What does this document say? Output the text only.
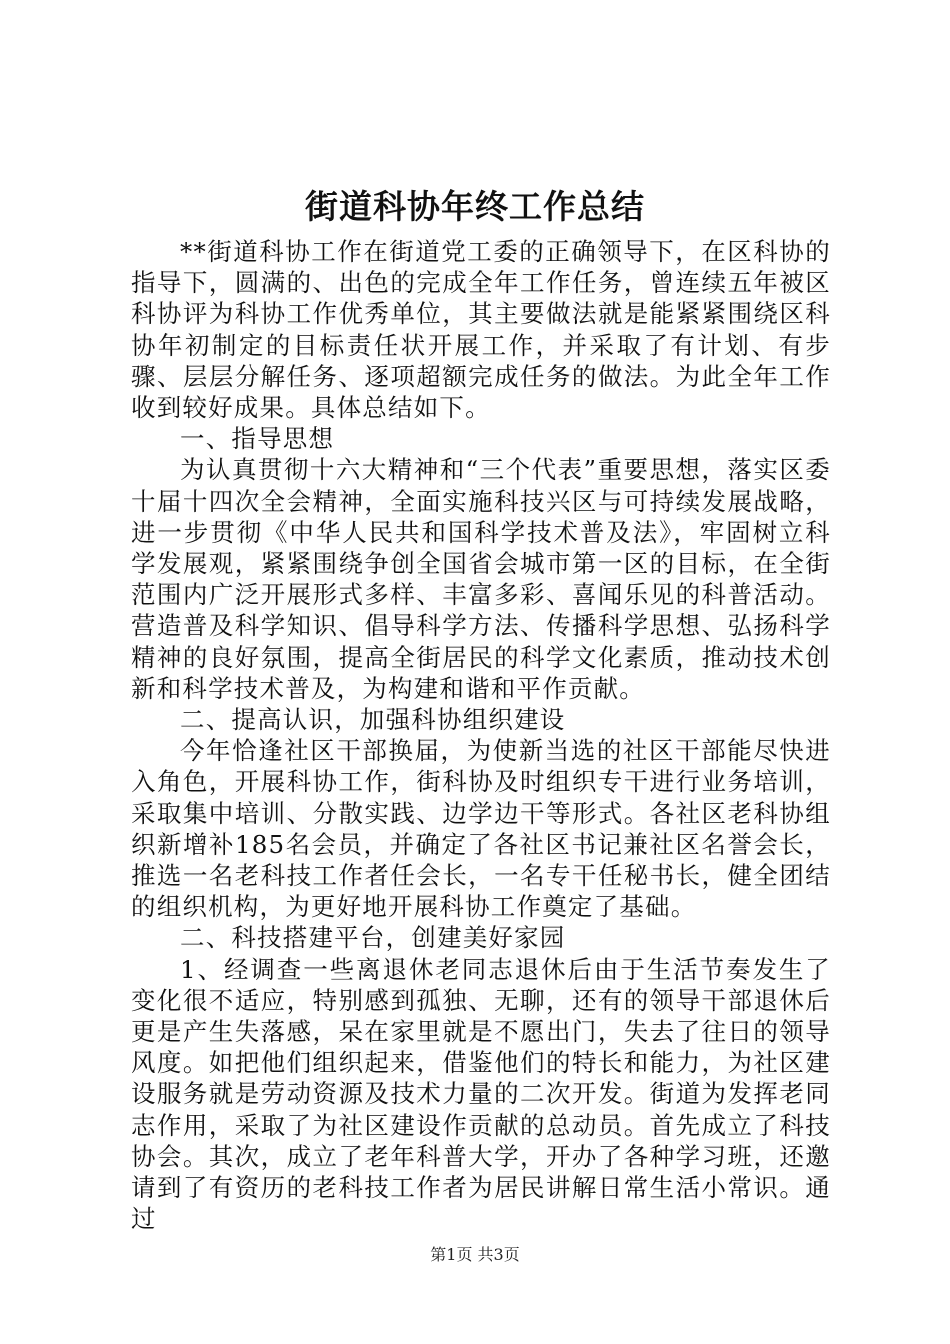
街道科协年终工作总结

**街道科协工作在街道党工委的正确领导下，在区科协的指导下，圆满的、出色的完成全年工作任务，曾连续五年被区科协评为科协工作优秀单位，其主要做法就是能紧紧围绕区科协年初制定的目标责任状开展工作，并采取了有计划、有步骤、层层分解任务、逐项超额完成任务的做法。为此全年工作收到较好成果。具体总结如下。

一、指导思想

为认真贯彻十六大精神和“三个代表”重要思想，落实区委十届十四次全会精神，全面实施科技兴区与可持续发展战略，进一步贯彻《中华人民共和国科学技术普及法》，牢固树立科学发展观，紧紧围绕争创全国省会城市第一区的目标，在全街范围内广泛开展形式多样、丰富多彩、喜闻乐见的科普活动。营造普及科学知识、倡导科学方法、传播科学思想、弘扬科学精神的良好氛围，提高全街居民的科学文化素质，推动技术创新和科学技术普及，为构建和谐和平作贡献。

二、提高认识，加强科协组织建设

今年恰逢社区干部换届，为使新当选的社区干部能尽快进入角色，开展科协工作，街科协及时组织专干进行业务培训，采取集中培训、分散实践、边学边干等形式。各社区老科协组织新增补185名会员，并确定了各社区书记兼社区名誉会长，推选一名老科技工作者任会长，一名专干任秘书长，健全团结的组织机构，为更好地开展科协工作奠定了基础。

二、科技搭建平台，创建美好家园

1、经调查一些离退休老同志退休后由于生活节奏发生了变化很不适应，特别感到孤独、无聊，还有的领导干部退休后更是产生失落感，呆在家里就是不愿出门，失去了往日的领导风度。如把他们组织起来，借鉴他们的特长和能力，为社区建设服务就是劳动资源及技术力量的二次开发。街道为发挥老同志作用，采取了为社区建设作贡献的总动员。首先成立了科技协会。其次，成立了老年科普大学，开办了各种学习班，还邀请到了有资历的老科技工作者为居民讲解日常生活小常识。通过

第1页 共3页
